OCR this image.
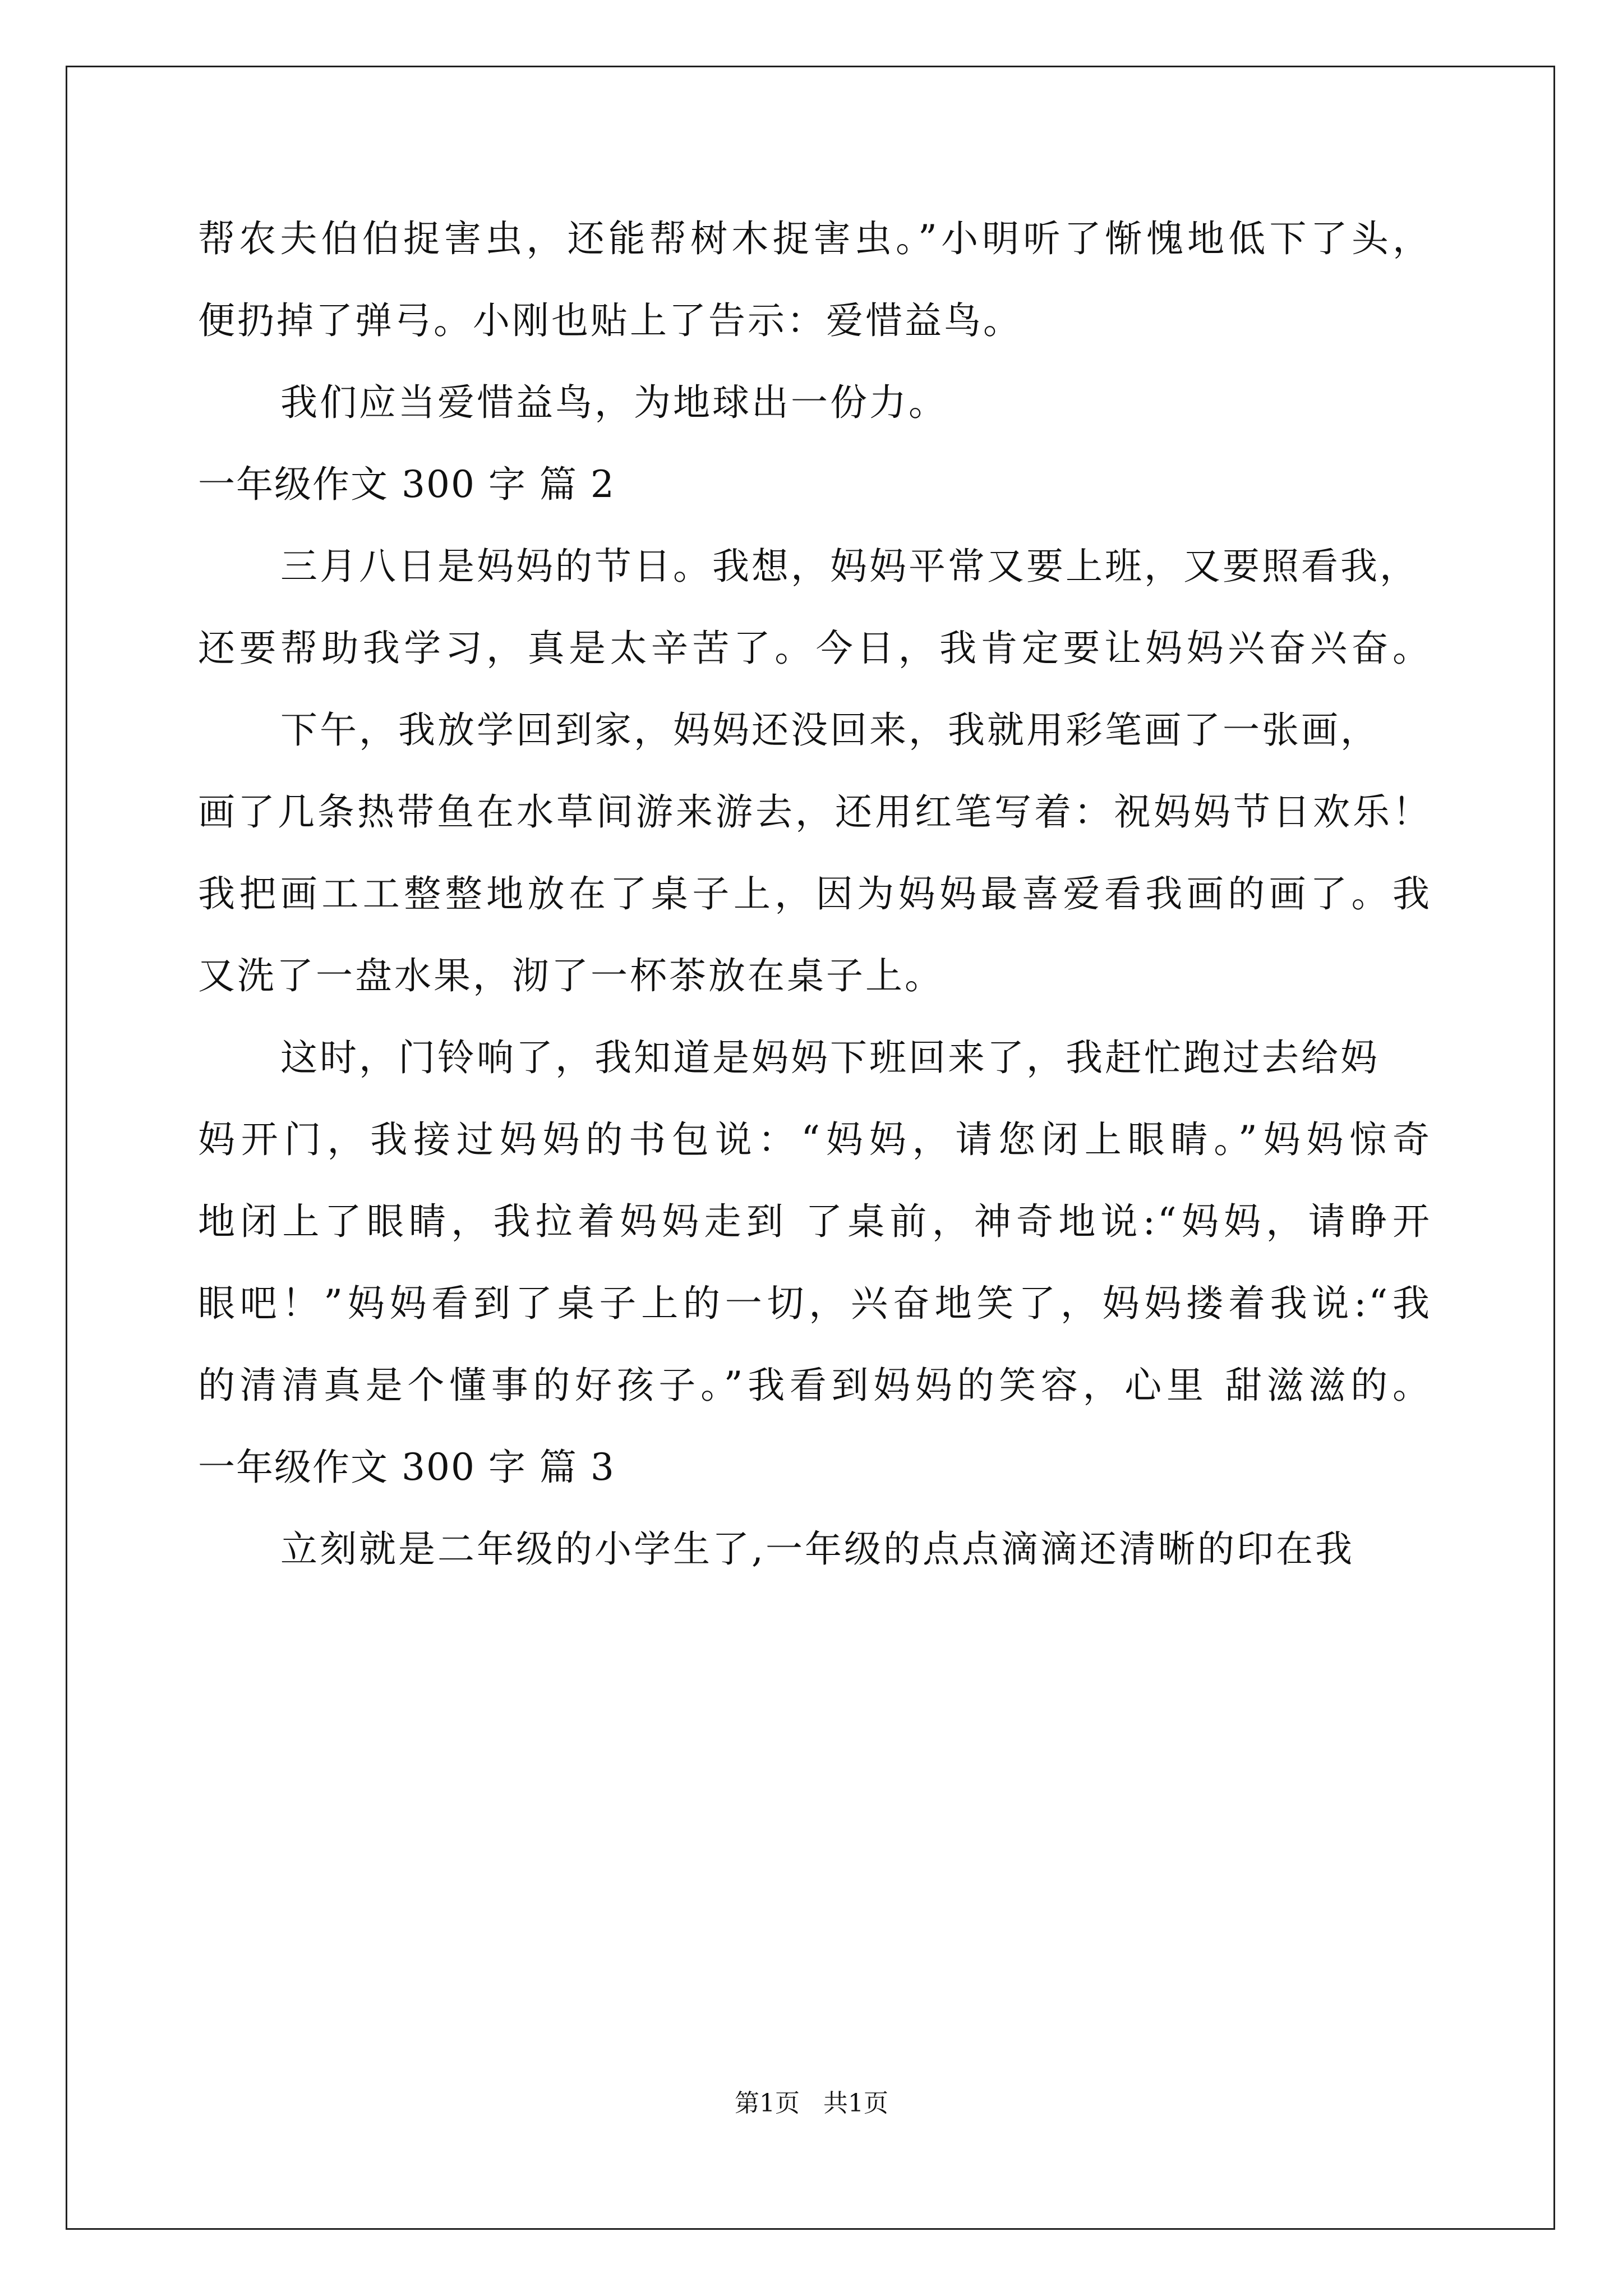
帮农夫伯伯捉害虫，还能帮树木捉害虫。”小明听了惭愧地低下了头，
便扔掉了弹弓。小刚也贴上了告示：爱惜益鸟。
我们应当爱惜益鸟，为地球出一份力。
一年级作文 300 字 篇 2
三月八日是妈妈的节日。我想，妈妈平常又要上班，又要照看我，
还要帮助我学习，真是太辛苦了。今日，我肯定要让妈妈兴奋兴奋。
下午，我放学回到家，妈妈还没回来，我就用彩笔画了一张画，
画了几条热带鱼在水草间游来游去，还用红笔写着：祝妈妈节日欢乐！
我把画工工整整地放在了桌子上，因为妈妈最喜爱看我画的画了。我
又洗了一盘水果，沏了一杯茶放在桌子上。
这时，门铃响了，我知道是妈妈下班回来了，我赶忙跑过去给妈
妈开门，我接过妈妈的书包说：“妈妈，请您闭上眼睛。”妈妈惊奇
地闭上了眼睛，我拉着妈妈走到 了桌前，神奇地说:“妈妈，请睁开
眼吧！”妈妈看到了桌子上的一切，兴奋地笑了，妈妈搂着我说:“我
的清清真是个懂事的好孩子。”我看到妈妈的笑容，心里 甜滋滋的。
一年级作文 300 字 篇 3
立刻就是二年级的小学生了,一年级的点点滴滴还清晰的印在我
第1页   共1页
